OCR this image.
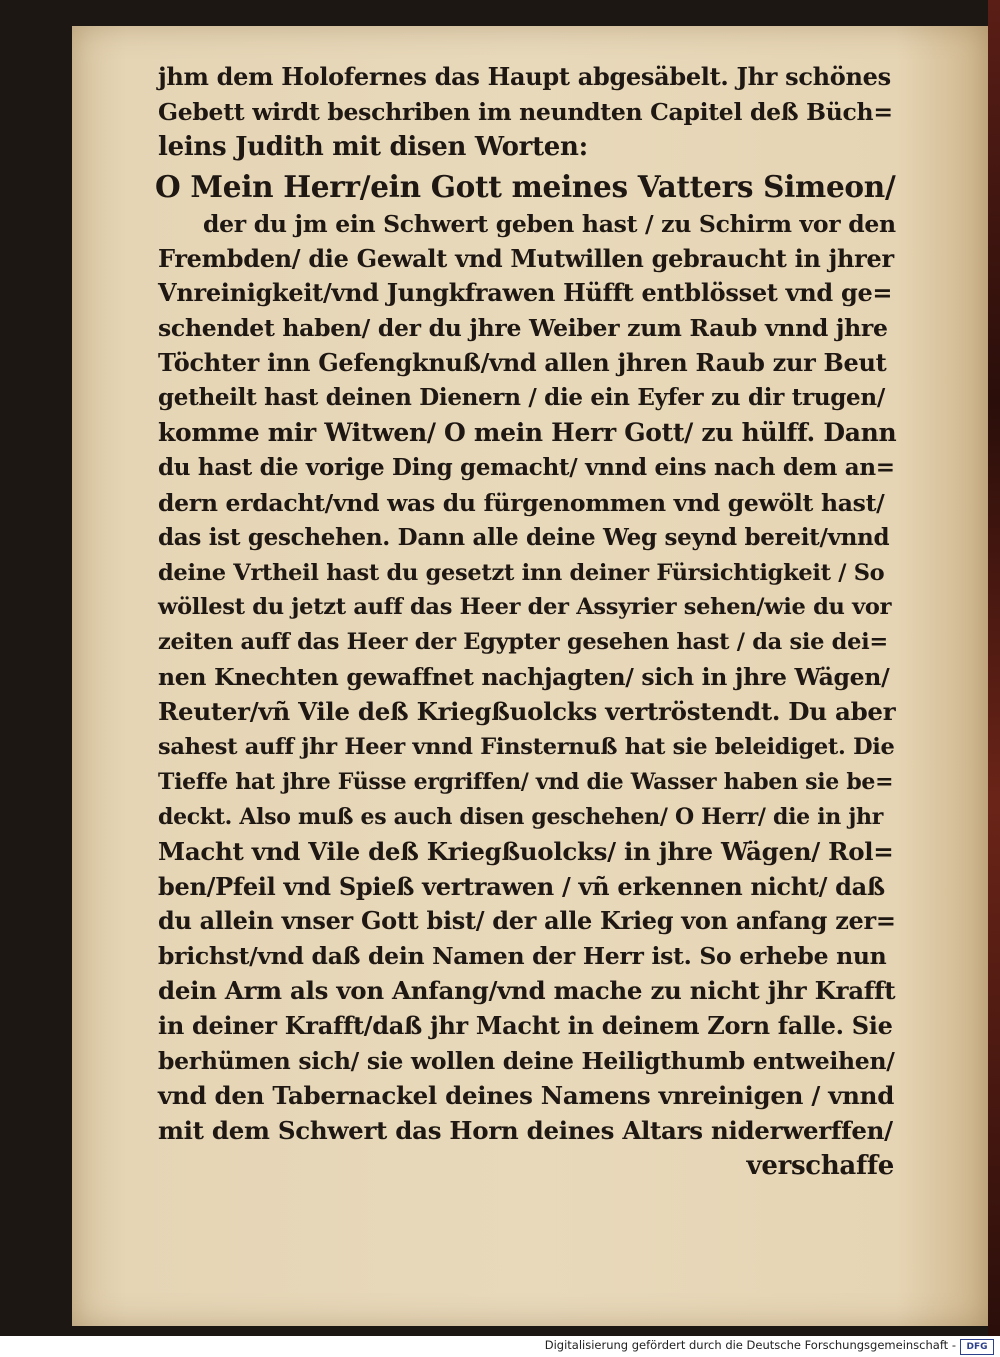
jhm dem Holofernes das Haupt abgesäbelt. Jhr schönes
Gebett wirdt beschriben im neundten Capitel deß Büch=
leins Judith mit disen Worten:
O Mein Herr/ein Gott meines Vatters Simeon/
der du jm ein Schwert geben hast / zu Schirm vor den
Frembden/ die Gewalt vnd Mutwillen gebraucht in jhrer
Vnreinigkeit/vnd Jungkfrawen Hüfft entblösset vnd ge=
schendet haben/ der du jhre Weiber zum Raub vnnd jhre
Töchter inn Gefengknuß/vnd allen jhren Raub zur Beut
getheilt hast deinen Dienern / die ein Eyfer zu dir trugen/
komme mir Witwen/ O mein Herr Gott/ zu hülff. Dann
du hast die vorige Ding gemacht/ vnnd eins nach dem an=
dern erdacht/vnd was du fürgenommen vnd gewölt hast/
das ist geschehen. Dann alle deine Weg seynd bereit/vnnd
deine Vrtheil hast du gesetzt inn deiner Fürsichtigkeit / So
wöllest du jetzt auff das Heer der Assyrier sehen/wie du vor
zeiten auff das Heer der Egypter gesehen hast / da sie dei=
nen Knechten gewaffnet nachjagten/ sich in jhre Wägen/
Reuter/vñ Vile deß Kriegßuolcks vertröstendt. Du aber
sahest auff jhr Heer vnnd Finsternuß hat sie beleidiget. Die
Tieffe hat jhre Füsse ergriffen/ vnd die Wasser haben sie be=
deckt. Also muß es auch disen geschehen/ O Herr/ die in jhr
Macht vnd Vile deß Kriegßuolcks/ in jhre Wägen/ Rol=
ben/Pfeil vnd Spieß vertrawen / vñ erkennen nicht/ daß
du allein vnser Gott bist/ der alle Krieg von anfang zer=
brichst/vnd daß dein Namen der Herr ist. So erhebe nun
dein Arm als von Anfang/vnd mache zu nicht jhr Krafft
in deiner Krafft/daß jhr Macht in deinem Zorn falle. Sie
berhümen sich/ sie wollen deine Heiligthumb entweihen/
vnd den Tabernackel deines Namens vnreinigen / vnnd
mit dem Schwert das Horn deines Altars niderwerffen/
verschaffe
Digitalisierung gefördert durch die Deutsche Forschungsgemeinschaft -	DFG
